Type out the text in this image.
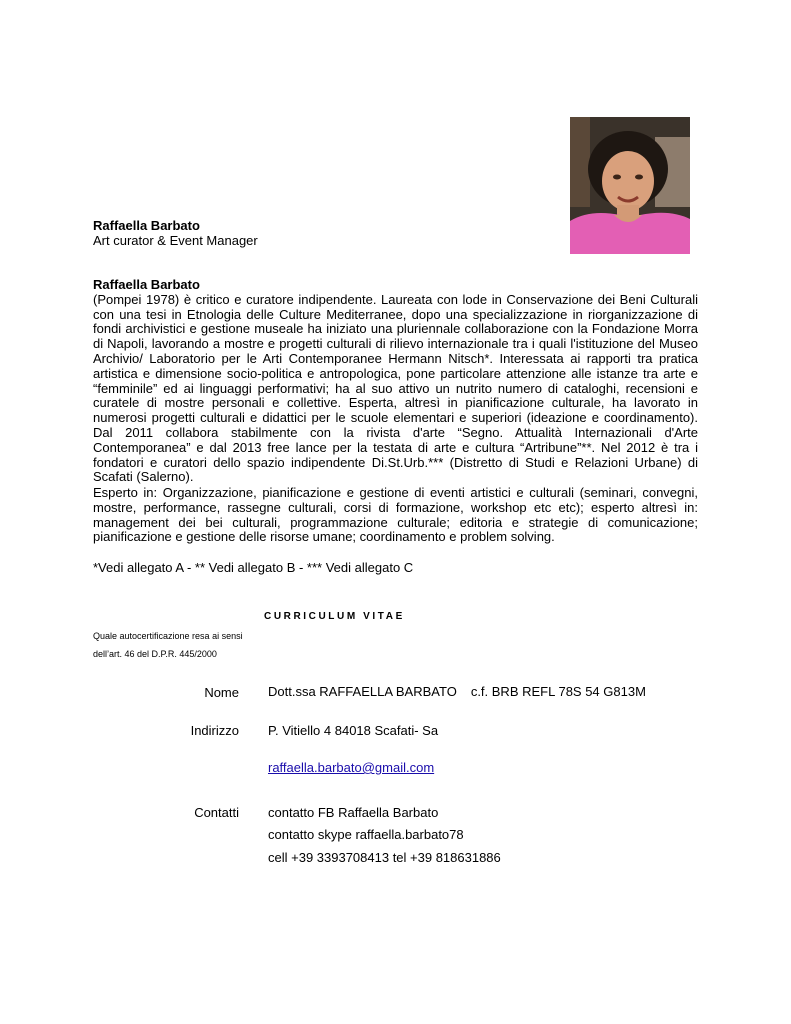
Raffaella Barbato
Art curator & Event Manager
Raffaella Barbato

(Pompei 1978) è critico e curatore indipendente. Laureata con lode in Conservazione dei Beni Culturali con una tesi in Etnologia delle Culture Mediterranee, dopo una specializzazione in riorganizzazione di fondi archivistici e gestione museale ha iniziato una pluriennale collaborazione con la Fondazione Morra di Napoli, lavorando a mostre e progetti culturali di rilievo internazionale tra i quali l'istituzione del Museo Archivio/ Laboratorio per le Arti Contemporanee Hermann Nitsch*. Interessata ai rapporti tra pratica artistica e dimensione socio-politica e antropologica, pone particolare attenzione alle istanze tra arte e “femminile” ed ai linguaggi performativi; ha al suo attivo un nutrito numero di cataloghi, recensioni e curatele di mostre personali e collettive. Esperta, altresì in pianificazione culturale, ha lavorato in numerosi progetti culturali e didattici per le scuole elementari e superiori (ideazione e coordinamento). Dal 2011 collabora stabilmente con la rivista d'arte “Segno. Attualità Internazionali d'Arte Contemporanea” e dal 2013 free lance per la testata di arte e cultura “Artribune”**. Nel 2012 è tra i fondatori e curatori dello spazio indipendente Di.St.Urb.*** (Distretto di Studi e Relazioni Urbane) di Scafati (Salerno).

Esperto in: Organizzazione, pianificazione e gestione di eventi artistici e culturali (seminari, convegni, mostre, performance, rassegne culturali, corsi di formazione, workshop etc etc); esperto altresì in: management dei bei culturali, programmazione culturale; editoria e strategie di comunicazione; pianificazione e gestione delle risorse umane; coordinamento e problem solving.

*Vedi allegato A - ** Vedi allegato B - *** Vedi allegato C
CURRICULUM VITAE
Quale autocertificazione resa ai sensi
dell’art. 46 del D.P.R. 445/2000
Nome Dott.ssa RAFFAELLA BARBATO c.f. BRB REFL 78S 54 G813M
Indirizzo P. Vitiello 4 84018 Scafati- Sa
raffaella.barbato@gmail.com
Contatti contatto FB Raffaella Barbato
contatto skype raffaella.barbato78
cell +39 3393708413 tel +39 818631886
